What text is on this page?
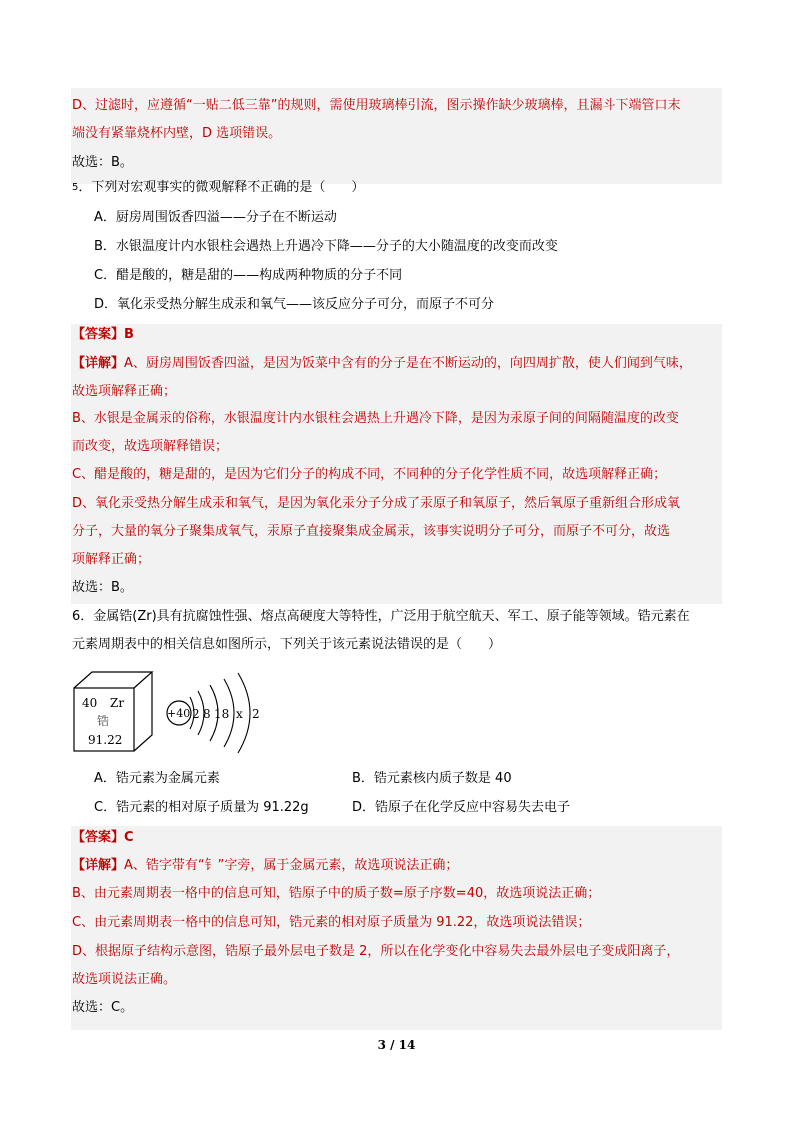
D、过滤时，应遵循“一贴二低三靠”的规则，需使用玻璃棒引流，图示操作缺少玻璃棒，且漏斗下端管口末
端没有紧靠烧杯内壁，D 选项错误。
故选：B。
$^5$．下列对宏观事实的微观解释不正确的是（　　）
A．厨房周围饭香四溢——分子在不断运动
B．水银温度计内水银柱会遇热上升遇冷下降——分子的大小随温度的改变而改变
C．醋是酸的，糖是甜的——构成两种物质的分子不同
D．氧化汞受热分解生成汞和氧气——该反应分子可分，而原子不可分
【答案】B
【详解】A、厨房周围饭香四溢，是因为饭菜中含有的分子是在不断运动的，向四周扩散，使人们闻到气味，
故选项解释正确；
B、水银是金属汞的俗称，水银温度计内水银柱会遇热上升遇冷下降，是因为汞原子间的间隔随温度的改变
而改变，故选项解释错误；
C、醋是酸的，糖是甜的，是因为它们分子的构成不同，不同种的分子化学性质不同，故选项解释正确；
D、氧化汞受热分解生成汞和氧气，是因为氧化汞分子分成了汞原子和氧原子，然后氧原子重新组合形成氧
分子，大量的氧分子聚集成氧气，汞原子直接聚集成金属汞，该事实说明分子可分，而原子不可分，故选
项解释正确；
故选：B。
6．金属锆(Zr)具有抗腐蚀性强、熔点高硬度大等特性，广泛用于航空航天、军工、原子能等领域。锆元素在
元素周期表中的相关信息如图所示，下列关于该元素说法错误的是（　　）
40 Zr
锆
91.22
+40 2 8 18 x 2
A．锆元素为金属元素	B．锆元素核内质子数是 40
C．锆元素的相对原子质量为 91.22g	D．锆原子在化学反应中容易失去电子
【答案】C
【详解】A、锆字带有“钅”字旁，属于金属元素，故选项说法正确；
B、由元素周期表一格中的信息可知，锆原子中的质子数=原子序数=40，故选项说法正确；
C、由元素周期表一格中的信息可知，锆元素的相对原子质量为 91.22，故选项说法错误；
D、根据原子结构示意图，锆原子最外层电子数是 2，所以在化学变化中容易失去最外层电子变成阳离子，
故选项说法正确。
故选：C。
3 / 14
